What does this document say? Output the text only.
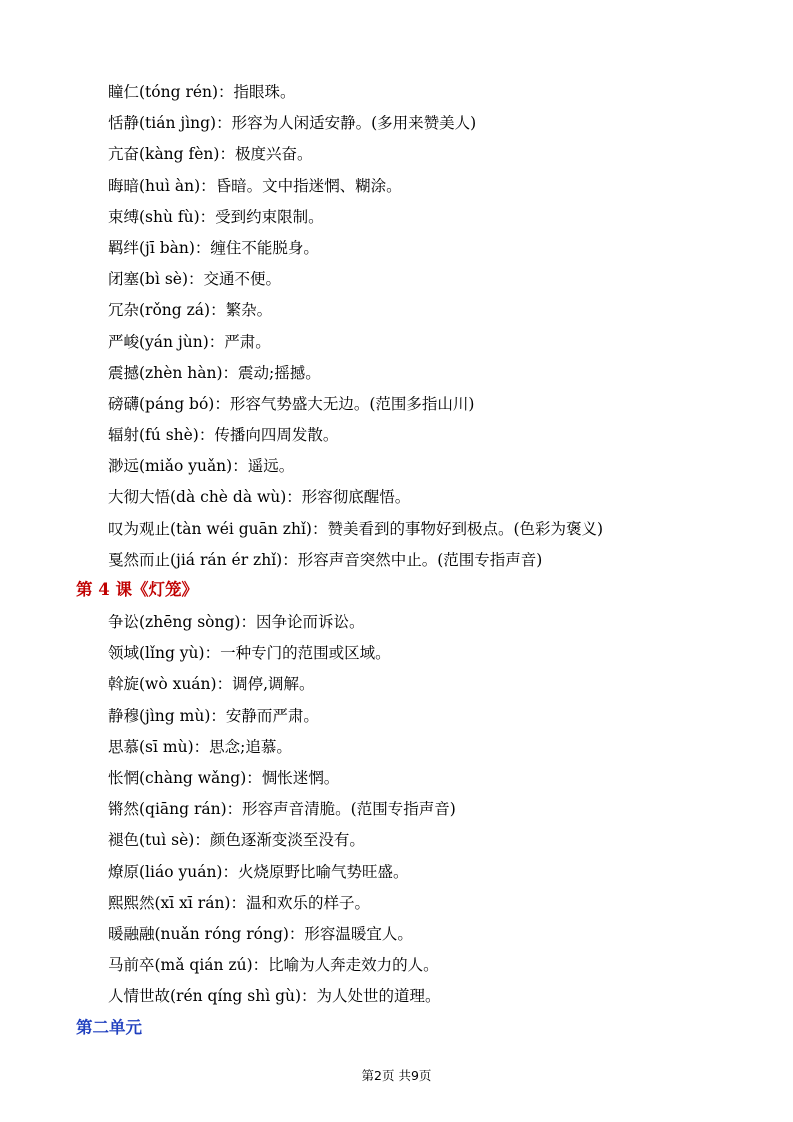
瞳仁(tóng rén)：指眼珠。
恬静(tián jìng)：形容为人闲适安静。(多用来赞美人)
亢奋(kàng fèn)：极度兴奋。
晦暗(huì àn)：昏暗。文中指迷惘、糊涂。
束缚(shù fù)：受到约束限制。
羁绊(jī bàn)：缠住不能脱身。
闭塞(bì sè)：交通不便。
冗杂(rǒng zá)：繁杂。
严峻(yán jùn)：严肃。
震撼(zhèn hàn)：震动;摇撼。
磅礴(páng bó)：形容气势盛大无边。(范围多指山川)
辐射(fú shè)：传播向四周发散。
渺远(miǎo yuǎn)：遥远。
大彻大悟(dà chè dà wù)：形容彻底醒悟。
叹为观止(tàn wéi guān zhǐ)：赞美看到的事物好到极点。(色彩为褒义)
戛然而止(jiá rán ér zhǐ)：形容声音突然中止。(范围专指声音)
第 4 课《灯笼》
争讼(zhēng sòng)：因争论而诉讼。
领域(lǐng yù)：一种专门的范围或区域。
斡旋(wò xuán)：调停,调解。
静穆(jìng mù)：安静而严肃。
思慕(sī mù)：思念;追慕。
怅惘(chàng wǎng)：惆怅迷惘。
锵然(qiāng rán)：形容声音清脆。(范围专指声音)
褪色(tuì sè)：颜色逐渐变淡至没有。
燎原(liáo yuán)：火烧原野比喻气势旺盛。
熙熙然(xī xī rán)：温和欢乐的样子。
暖融融(nuǎn róng róng)：形容温暖宜人。
马前卒(mǎ qián zú)：比喻为人奔走效力的人。
人情世故(rén qíng shì gù)：为人处世的道理。
第二单元
第2页 共9页
